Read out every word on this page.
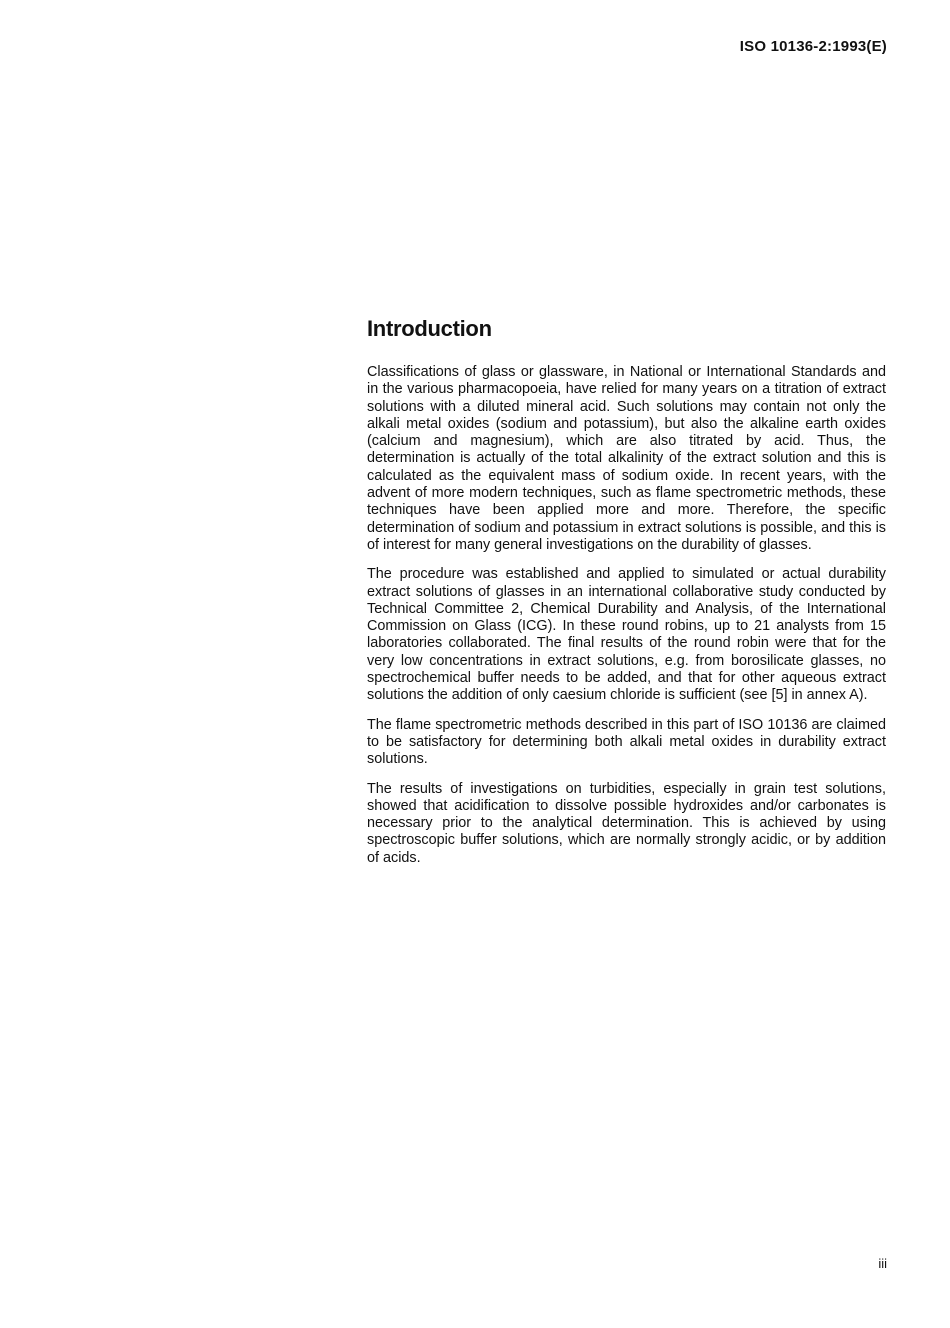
ISO 10136-2:1993(E)
Introduction

Classifications of glass or glassware, in National or International Standards and in the various pharmacopoeia, have relied for many years on a titration of extract solutions with a diluted mineral acid. Such solutions may contain not only the alkali metal oxides (sodium and potassium), but also the alkaline earth oxides (calcium and magnesium), which are also titrated by acid. Thus, the determination is actually of the total alkalinity of the extract solution and this is calculated as the equivalent mass of sodium oxide. In recent years, with the advent of more modern techniques, such as flame spectrometric methods, these techniques have been applied more and more. Therefore, the specific determination of sodium and potassium in extract solutions is possible, and this is of interest for many general investigations on the durability of glasses.

The procedure was established and applied to simulated or actual durability extract solutions of glasses in an international collaborative study conducted by Technical Committee 2, Chemical Durability and Analysis, of the International Commission on Glass (ICG). In these round robins, up to 21 analysts from 15 laboratories collaborated. The final results of the round robin were that for the very low concentrations in extract solutions, e.g. from borosilicate glasses, no spectrochemical buffer needs to be added, and that for other aqueous extract solutions the addition of only caesium chloride is sufficient (see [5] in annex A).

The flame spectrometric methods described in this part of ISO 10136 are claimed to be satisfactory for determining both alkali metal oxides in durability extract solutions.

The results of investigations on turbidities, especially in grain test solutions, showed that acidification to dissolve possible hydroxides and/or carbonates is necessary prior to the analytical determination. This is achieved by using spectroscopic buffer solutions, which are normally strongly acidic, or by addition of acids.

iii
